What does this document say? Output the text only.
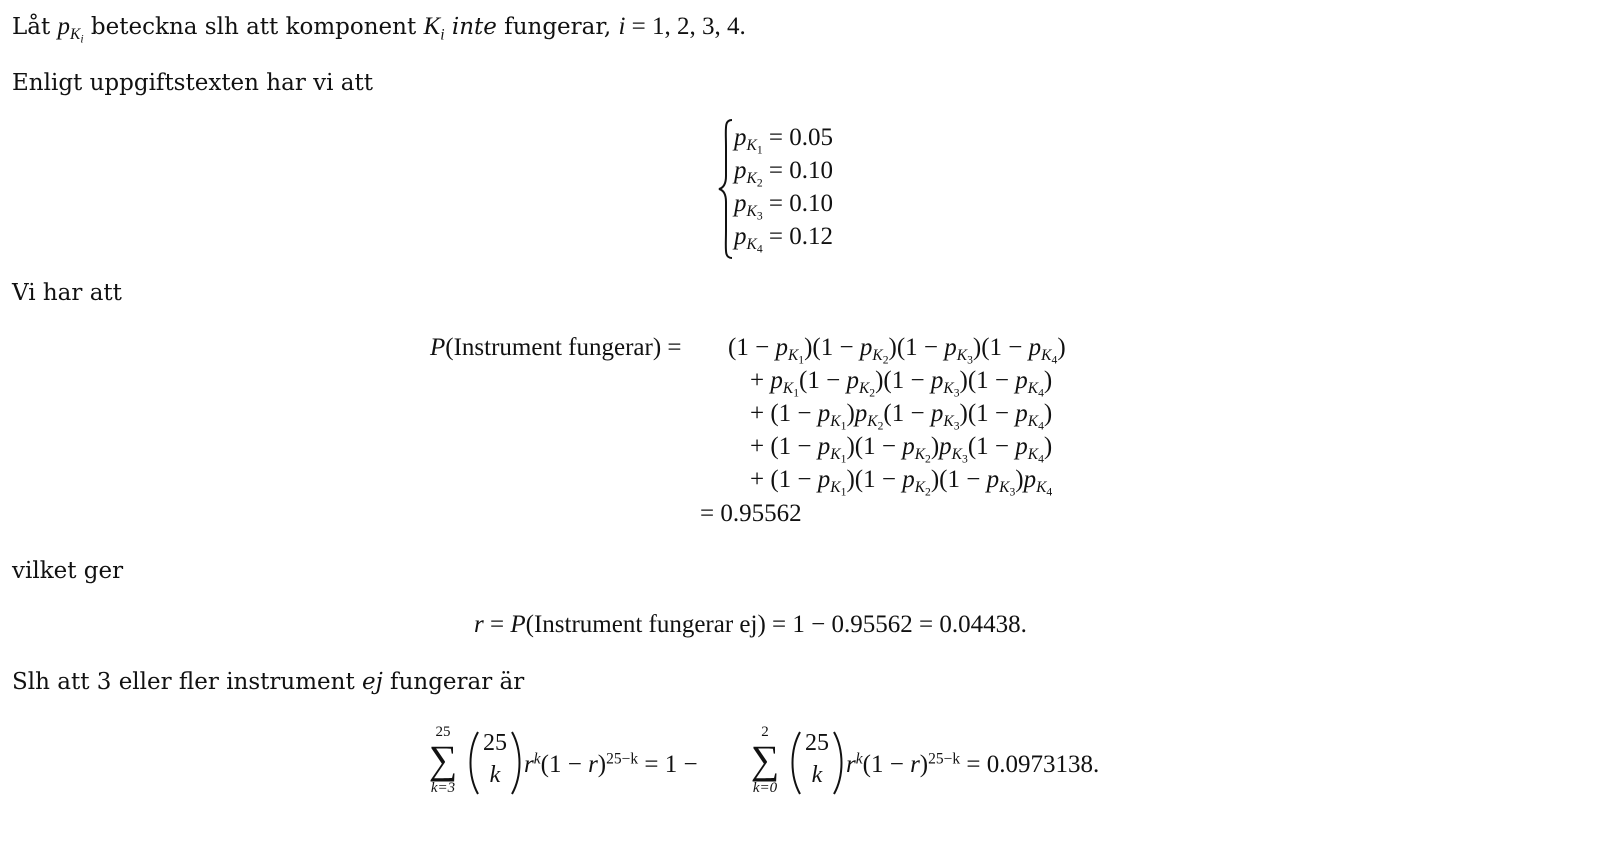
Låt $p_{K_i}$ beteckna slh att komponent $K_i$ inte fungerar, i = 1, 2, 3, 4.
Enligt uppgiftstexten har vi att
$p_{K_1} = 0.05$
$p_{K_2} = 0.10$
$p_{K_3} = 0.10$
$p_{K_4} = 0.12$
Vi har att
P(Instrument fungerar) = $(1 - p_{K_1})(1 - p_{K_2})(1 - p_{K_3})(1 - p_{K_4})$
+ $p_{K_1}(1 - p_{K_2})(1 - p_{K_3})(1 - p_{K_4})$
+ $(1 - p_{K_1})p_{K_2}(1 - p_{K_3})(1 - p_{K_4})$
+ $(1 - p_{K_1})(1 - p_{K_2})p_{K_3}(1 - p_{K_4})$
+ $(1 - p_{K_1})(1 - p_{K_2})(1 - p_{K_3})p_{K_4}$
= 0.95562
vilket ger
r = P(Instrument fungerar ej) = 1 − 0.95562 = 0.04438.
Slh att 3 eller fler instrument ej fungerar är
25
∑
k=3
25
k $r^k(1 - r)^{25-k} = 1$ −
2
∑
k=0
25
k $r^k(1 - r)^{25-k} = 0.0973138$.
